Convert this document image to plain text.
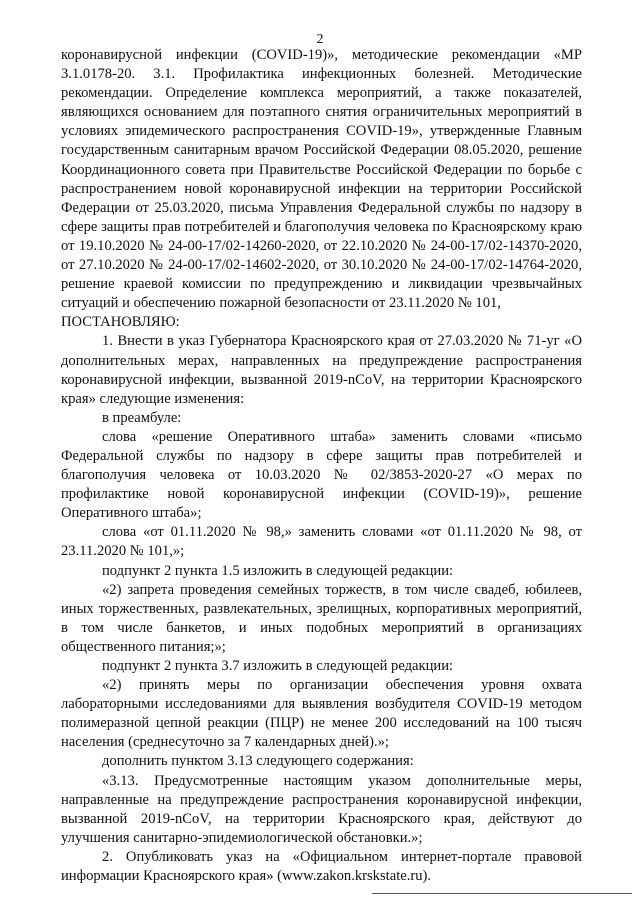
2

коронавирусной инфекции (COVID-19)», методические рекомендации «МР 3.1.0178-20. 3.1. Профилактика инфекционных болезней. Методические рекомендации. Определение комплекса мероприятий, а также показателей, являющихся основанием для поэтапного снятия ограничительных мероприятий в условиях эпидемического распространения COVID-19», утвержденные Главным государственным санитарным врачом Российской Федерации 08.05.2020, решение Координационного совета при Правительстве Российской Федерации по борьбе с распространением новой коронавирусной инфекции на территории Российской Федерации от 25.03.2020, письма Управления Федеральной службы по надзору в сфере защиты прав потребителей и благополучия человека по Красноярскому краю от 19.10.2020 № 24-00-17/02-14260-2020, от 22.10.2020 № 24-00-17/02-14370-2020, от 27.10.2020 № 24-00-17/02-14602-2020, от 30.10.2020 № 24-00-17/02-14764-2020, решение краевой комиссии по предупреждению и ликвидации чрезвычайных ситуаций и обеспечению пожарной безопасности от 23.11.2020 № 101,

ПОСТАНОВЛЯЮ:

1. Внести в указ Губернатора Красноярского края от 27.03.2020 № 71-уг «О дополнительных мерах, направленных на предупреждение распространения коронавирусной инфекции, вызванной 2019-nCoV, на территории Красноярского края» следующие изменения:

в преамбуле:

слова «решение Оперативного штаба» заменить словами «письмо Федеральной службы по надзору в сфере защиты прав потребителей и благополучия человека от 10.03.2020 № 02/3853-2020-27 «О мерах по профилактике новой коронавирусной инфекции (COVID-19)», решение Оперативного штаба»;

слова «от 01.11.2020 № 98,» заменить словами «от 01.11.2020 № 98, от 23.11.2020 № 101,»;

подпункт 2 пункта 1.5 изложить в следующей редакции:

«2) запрета проведения семейных торжеств, в том числе свадеб, юбилеев, иных торжественных, развлекательных, зрелищных, корпоративных мероприятий, в том числе банкетов, и иных подобных мероприятий в организациях общественного питания;»;

подпункт 2 пункта 3.7 изложить в следующей редакции:

«2) принять меры по организации обеспечения уровня охвата лабораторными исследованиями для выявления возбудителя COVID-19 методом полимеразной цепной реакции (ПЦР) не менее 200 исследований на 100 тысяч населения (среднесуточно за 7 календарных дней).»;

дополнить пунктом 3.13 следующего содержания:

«3.13. Предусмотренные настоящим указом дополнительные меры, направленные на предупреждение распространения коронавирусной инфекции, вызванной 2019-nCoV, на территории Красноярского края, действуют до улучшения санитарно-эпидемиологической обстановки.»;

2. Опубликовать указ на «Официальном интернет-портале правовой информации Красноярского края» (www.zakon.krskstate.ru).
